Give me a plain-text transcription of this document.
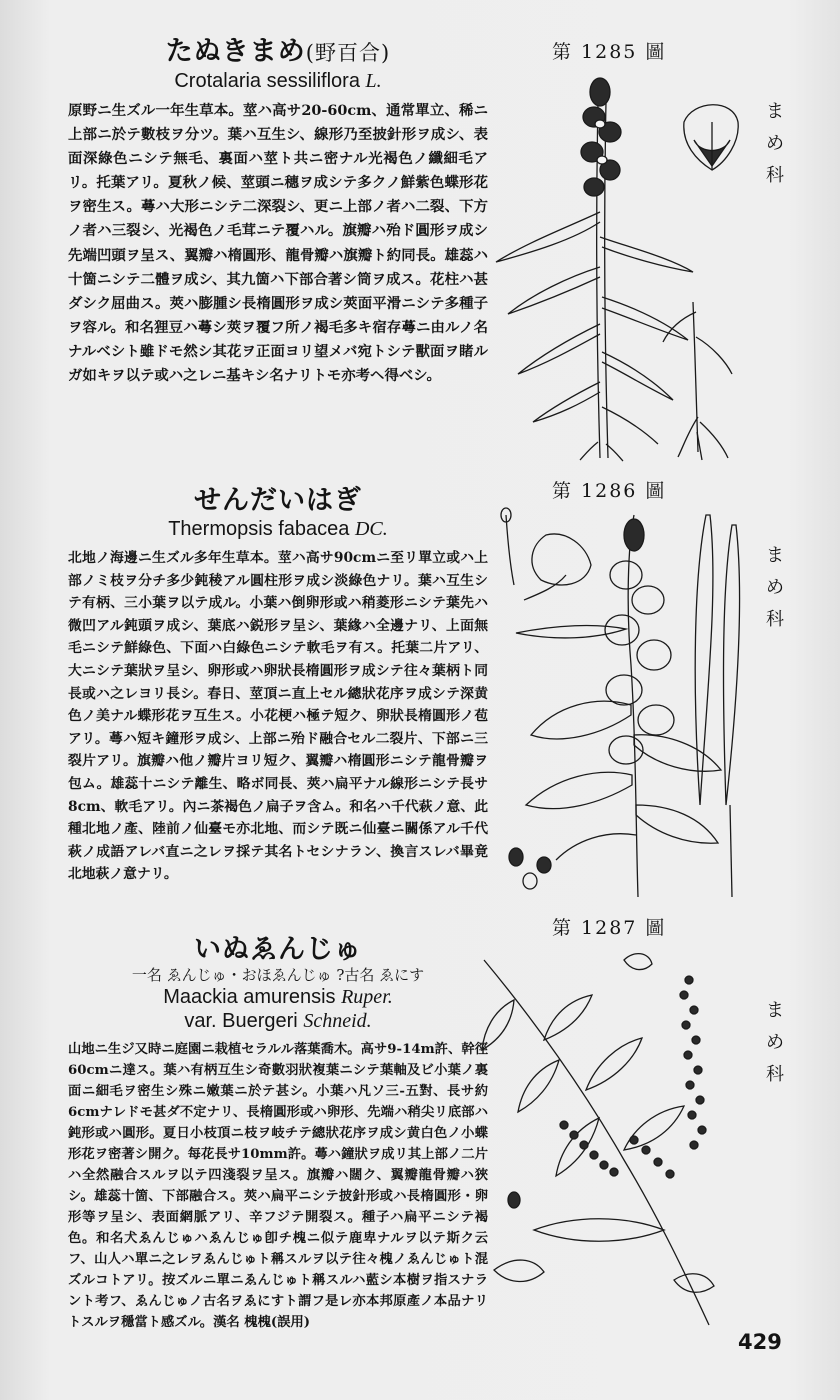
たぬきまめ(野百合)
Crotalaria sessiliflora L.
原野ニ生ズル一年生草本。莖ハ高サ20-60cm、通常單立、稀ニ上部ニ於テ數枝ヲ分ツ。葉ハ互生シ、線形乃至披針形ヲ成シ、表面深綠色ニシテ無毛、裏面ハ莖ト共ニ密ナル光褐色ノ纖細毛アリ。托葉アリ。夏秋ノ候、莖頭ニ穗ヲ成シテ多クノ鮮紫色蝶形花ヲ密生ス。蕚ハ大形ニシテ二深裂シ、更ニ上部ノ者ハ二裂、下方ノ者ハ三裂シ、光褐色ノ毛茸ニテ覆ハル。旗瓣ハ殆ド圓形ヲ成シ先端凹頭ヲ呈ス、翼瓣ハ楕圓形、龍骨瓣ハ旗瓣ト約同長。雄蕊ハ十箇ニシテ二體ヲ成シ、其九箇ハ下部合著シ筒ヲ成ス。花柱ハ甚ダシク屈曲ス。莢ハ膨腫シ長楕圓形ヲ成シ莢面平滑ニシテ多種子ヲ容ル。和名狸豆ハ蕚シ莢ヲ覆フ所ノ褐毛多キ宿存蕚ニ由ルノ名ナルベシト雖ドモ然シ其花ヲ正面ヨリ望メバ宛トシテ獸面ヲ睹ルガ如キヲ以テ或ハ之レニ基キシ名ナリトモ亦考ヘ得ベシ。
第 1285 圖
ま
め
科
せんだいはぎ
Thermopsis fabacea DC.
北地ノ海邊ニ生ズル多年生草本。莖ハ高サ90cmニ至リ單立或ハ上部ノミ枝ヲ分チ多少鈍稜アル圓柱形ヲ成シ淡綠色ナリ。葉ハ互生シテ有柄、三小葉ヲ以テ成ル。小葉ハ倒卵形或ハ稍菱形ニシテ葉先ハ微凹アル鈍頭ヲ成シ、葉底ハ鋭形ヲ呈シ、葉緣ハ全邊ナリ、上面無毛ニシテ鮮綠色、下面ハ白綠色ニシテ軟毛ヲ有ス。托葉二片アリ、大ニシテ葉狀ヲ呈シ、卵形或ハ卵狀長楕圓形ヲ成シテ往々葉柄ト同長或ハ之レヨリ長シ。春日、莖頂ニ直上セル總狀花序ヲ成シテ深黄色ノ美ナル蝶形花ヲ互生ス。小花梗ハ極テ短ク、卵狀長楕圓形ノ苞アリ。蕚ハ短キ鐘形ヲ成シ、上部ニ殆ド融合セル二裂片、下部ニ三裂片アリ。旗瓣ハ他ノ瓣片ヨリ短ク、翼瓣ハ楕圓形ニシテ龍骨瓣ヲ包ム。雄蕊十ニシテ離生、略ボ同長、莢ハ扁平ナル線形ニシテ長サ8cm、軟毛アリ。內ニ茶褐色ノ扁子ヲ含ム。和名ハ千代萩ノ意、此種北地ノ產、陸前ノ仙臺モ亦北地、而シテ既ニ仙臺ニ關係アル千代萩ノ成語アレバ直ニ之レヲ採テ其名トセシナラン、換言スレバ畢竟北地萩ノ意ナリ。
第 1286 圖
ま
め
科
いぬゑんじゅ
一名 ゑんじゅ・おほゑんじゅ ?古名 ゑにす
Maackia amurensis Ruper.
var. Buergeri Schneid.
山地ニ生ジ又時ニ庭園ニ栽植セラルル落葉喬木。高サ9-14m許、幹徑60cmニ達ス。葉ハ有柄互生シ奇數羽狀複葉ニシテ葉軸及ビ小葉ノ裏面ニ細毛ヲ密生シ殊ニ嫩葉ニ於テ甚シ。小葉ハ凡ソ三-五對、長サ約6cmナレドモ甚ダ不定ナリ、長楕圓形或ハ卵形、先端ハ稍尖リ底部ハ鈍形或ハ圓形。夏日小枝頂ニ枝ヲ岐チテ總狀花序ヲ成シ黄白色ノ小蝶形花ヲ密著シ開ク。每花長サ10mm許。蕚ハ鐘狀ヲ成リ其上部ノ二片ハ全然融合スルヲ以テ四淺裂ヲ呈ス。旗瓣ハ闊ク、翼瓣龍骨瓣ハ狹シ。雄蕊十箇、下部融合ス。莢ハ扁平ニシテ披針形或ハ長楕圓形・卵形等ヲ呈シ、表面網脈アリ、辛フジテ開裂ス。種子ハ扁平ニシテ褐色。和名犬ゑんじゅハゑんじゅ卽チ槐ニ似テ鹿卑ナルヲ以テ斯ク云フ、山人ハ單ニ之レヲゑんじゅト稱スルヲ以テ往々槐ノゑんじゅト混ズルコトアリ。按ズルニ單ニゑんじゅト稱スルハ藍シ本樹ヲ指スナラント考フ、ゑんじゅノ古名ヲゑにすト謂フ是レ亦本邦原產ノ本品ナリトスルヲ穩當ト感ズル。漢名 槐槐(誤用)
第 1287 圖
ま
め
科
429
